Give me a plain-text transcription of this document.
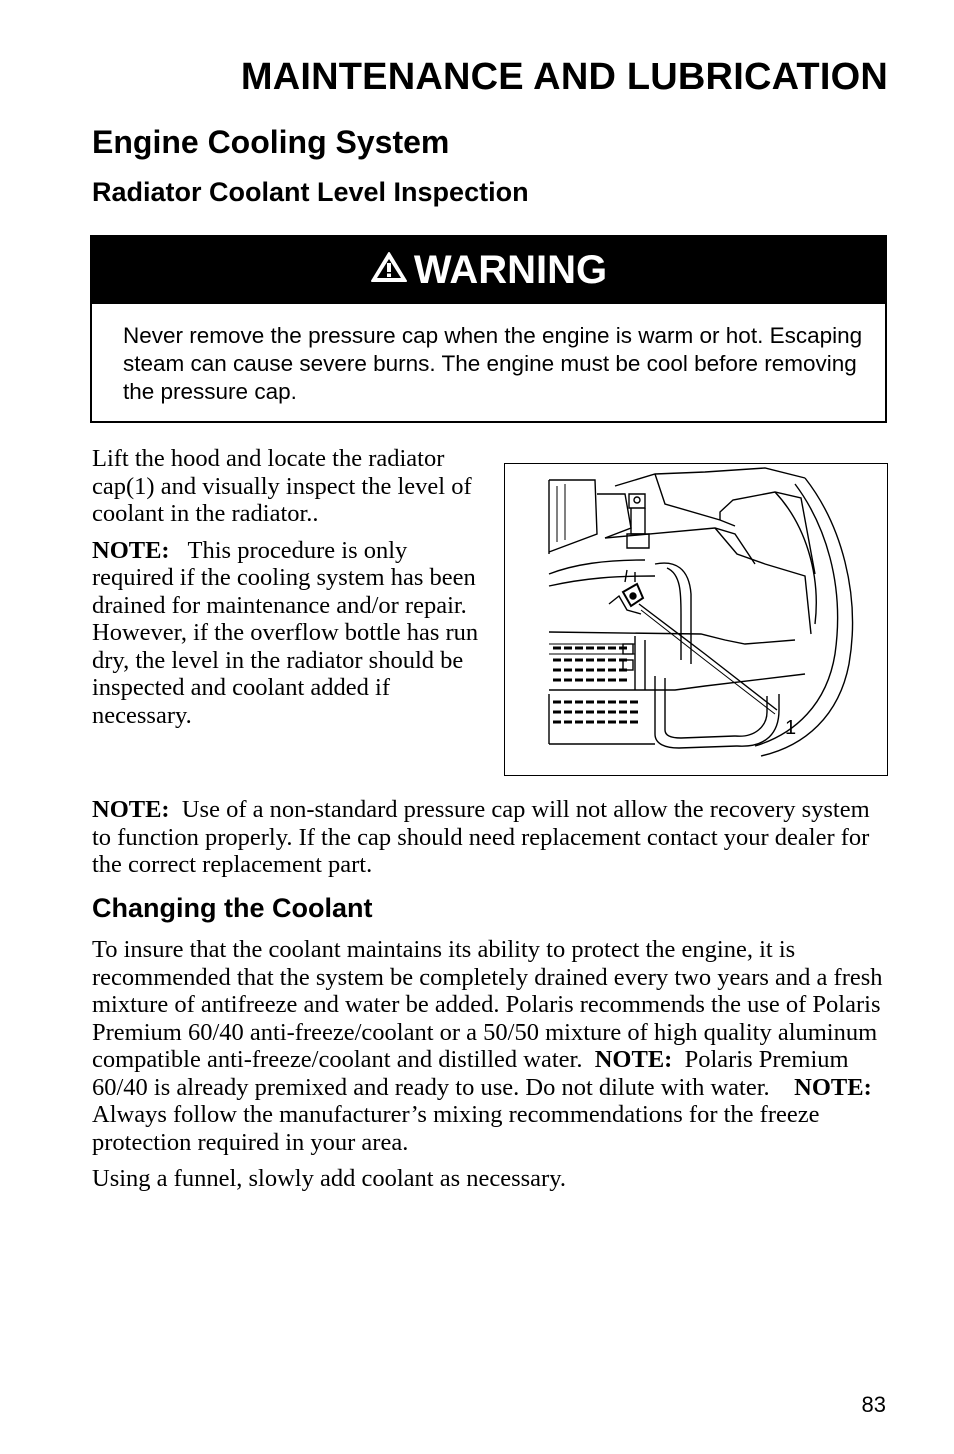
MAINTENANCE AND LUBRICATION
Engine Cooling System
Radiator Coolant Level Inspection
WARNING
Never remove the pressure cap when the engine is warm or hot. Escaping steam can cause severe burns. The engine must be cool before removing the pressure cap.

Lift the hood and locate the radiator cap(1) and visually inspect the level of coolant in the radiator..

NOTE: This procedure is only required if the cooling system has been drained for maintenance and/or repair. However, if the overflow bottle has run dry, the level in the radiator should be inspected and coolant added if necessary.	1

NOTE: Use of a non-standard pressure cap will not allow the recovery system to function properly. If the cap should need replacement contact your dealer for the correct replacement part.

Changing the Coolant

To insure that the coolant maintains its ability to protect the engine, it is recommended that the system be completely drained every two years and a fresh mixture of antifreeze and water be added. Polaris recommends the use of Polaris Premium 60/40 anti-freeze/coolant or a 50/50 mixture of high quality aluminum compatible anti-freeze/coolant and distilled water. NOTE: Polaris Premium 60/40 is already premixed and ready to use. Do not dilute with water. NOTE: Always follow the manufacturer’s mixing recommendations for the freeze protection required in your area.

Using a funnel, slowly add coolant as necessary.

83
